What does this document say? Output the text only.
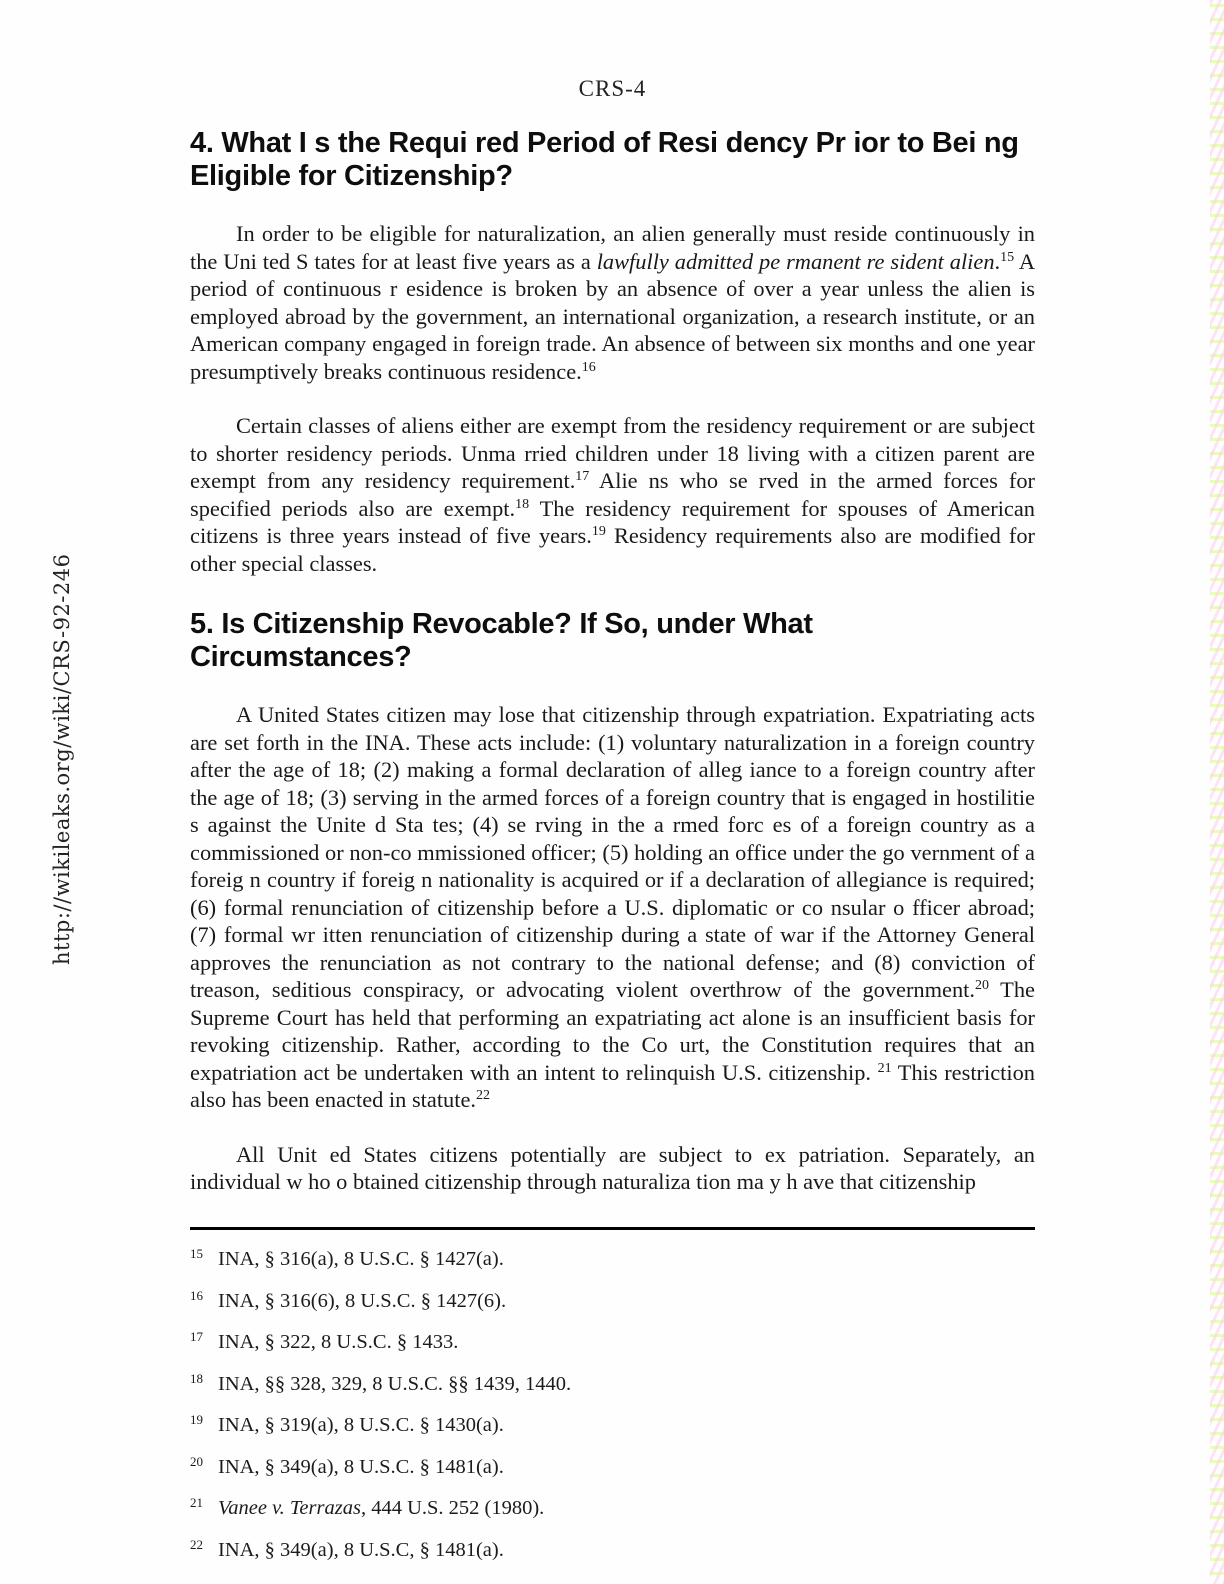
http://wikileaks.org/wiki/CRS-92-246
CRS-4
4. What I s the Requi red Period of Resi dency Pr ior to Bei ng Eligible for Citizenship?

In order to be eligible for naturalization, an alien generally must reside continuously in the Uni ted S tates for at least five years as a lawfully admitted pe rmanent re sident alien.$^{15}$ A period of continuous r esidence is broken by an absence of over a year unless the alien is employed abroad by the government, an international organization, a research institute, or an American company engaged in foreign trade. An absence of between six months and one year presumptively breaks continuous residence.$^{16}$

Certain classes of aliens either are exempt from the residency requirement or are subject to shorter residency periods. Unma rried children under 18 living with a citizen parent are exempt from any residency requirement.$^{17}$ Alie ns who se rved in the armed forces for specified periods also are exempt.$^{18}$ The residency requirement for spouses of American citizens is three years instead of five years.$^{19}$ Residency requirements also are modified for other special classes.

5. Is Citizenship Revocable? If So, under What Circumstances?

A United States citizen may lose that citizenship through expatriation. Expatriating acts are set forth in the INA. These acts include: (1) voluntary naturalization in a foreign country after the age of 18; (2) making a formal declaration of alleg iance to a foreign country after the age of 18; (3) serving in the armed forces of a foreign country that is engaged in hostilitie s against the Unite d Sta tes; (4) se rving in the a rmed forc es of a foreign country as a commissioned or non-co mmissioned officer; (5) holding an office under the go vernment of a foreig n country if foreig n nationality is acquired or if a declaration of allegiance is required; (6) formal renunciation of citizenship before a U.S. diplomatic or co nsular o fficer abroad; (7) formal wr itten renunciation of citizenship during a state of war if the Attorney General approves the renunciation as not contrary to the national defense; and (8) conviction of treason, seditious conspiracy, or advocating violent overthrow of the government.$^{20}$ The Supreme Court has held that performing an expatriating act alone is an insufficient basis for revoking citizenship. Rather, according to the Co urt, the Constitution requires that an expatriation act be undertaken with an intent to relinquish U.S. citizenship. $^{21}$ This restriction also has been enacted in statute.$^{22}$

All Unit ed States citizens potentially are subject to ex patriation. Separately, an individual w ho o btained citizenship through naturaliza tion ma y h ave that citizenship

$^{15}$ INA, § 316(a), 8 U.S.C. § 1427(a).
$^{16}$ INA, § 316(6), 8 U.S.C. § 1427(6).
$^{17}$ INA, § 322, 8 U.S.C. § 1433.
$^{18}$ INA, §§ 328, 329, 8 U.S.C. §§ 1439, 1440.
$^{19}$ INA, § 319(a), 8 U.S.C. § 1430(a).
$^{20}$ INA, § 349(a), 8 U.S.C. § 1481(a).
$^{21}$ Vanee v. Terrazas, 444 U.S. 252 (1980).
$^{22}$ INA, § 349(a), 8 U.S.C, § 1481(a).
